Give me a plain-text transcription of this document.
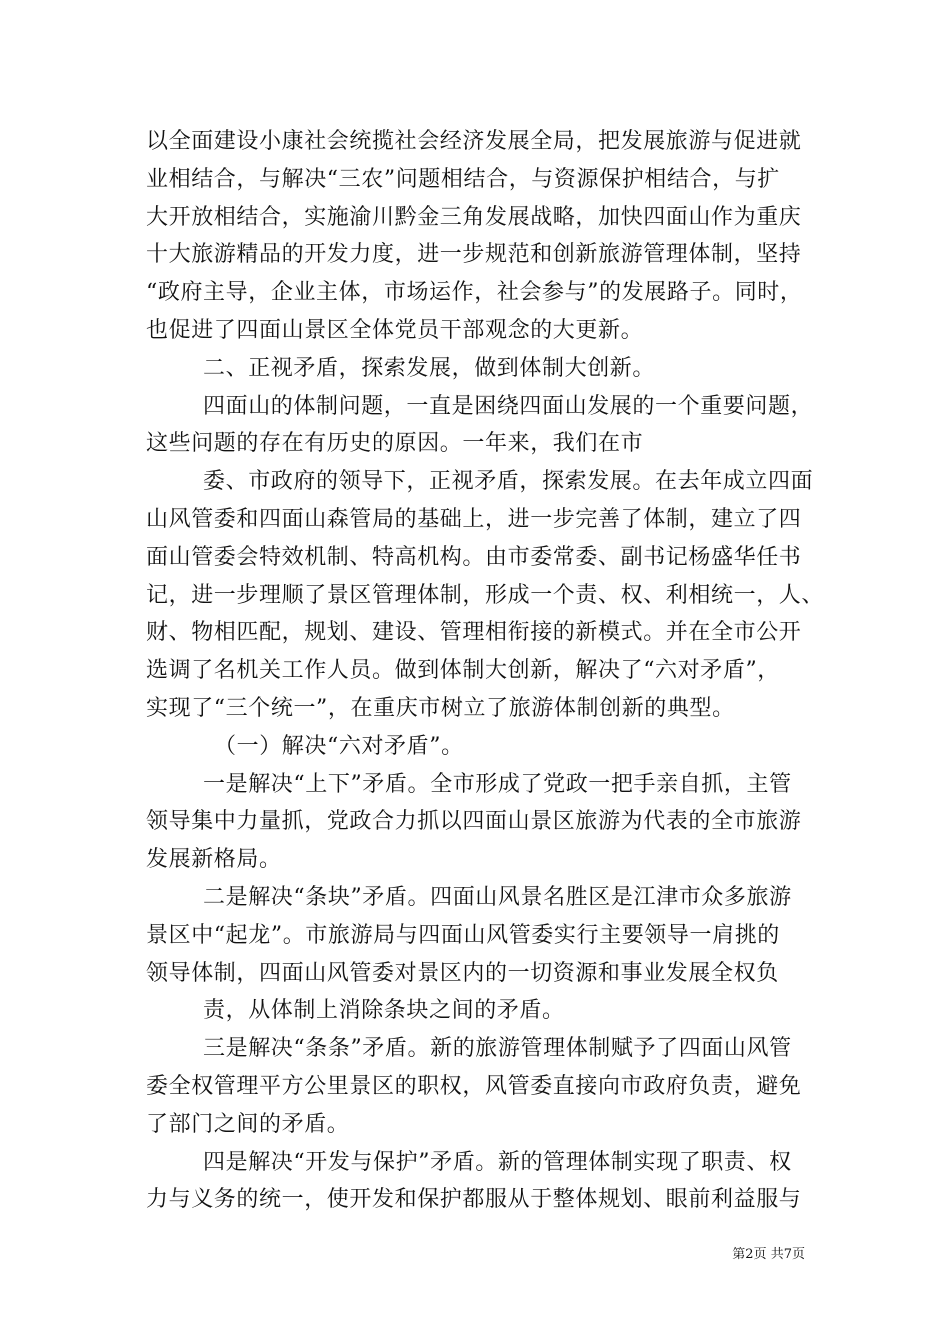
以全面建设小康社会统揽社会经济发展全局，把发展旅游与促进就
业相结合，与解决“三农”问题相结合，与资源保护相结合，与扩
大开放相结合，实施渝川黔金三角发展战略，加快四面山作为重庆
十大旅游精品的开发力度，进一步规范和创新旅游管理体制，坚持
“政府主导，企业主体，市场运作，社会参与”的发展路子。同时，
也促进了四面山景区全体党员干部观念的大更新。
二、正视矛盾，探索发展，做到体制大创新。
四面山的体制问题，一直是困绕四面山发展的一个重要问题，
这些问题的存在有历史的原因。一年来，我们在市
委、市政府的领导下，正视矛盾，探索发展。在去年成立四面
山风管委和四面山森管局的基础上，进一步完善了体制，建立了四
面山管委会特效机制、特高机构。由市委常委、副书记杨盛华任书
记，进一步理顺了景区管理体制，形成一个责、权、利相统一，人、
财、物相匹配，规划、建设、管理相衔接的新模式。并在全市公开
选调了名机关工作人员。做到体制大创新，解决了“六对矛盾”，
实现了“三个统一”，在重庆市树立了旅游体制创新的典型。
（一）解决“六对矛盾”。
一是解决“上下”矛盾。全市形成了党政一把手亲自抓，主管
领导集中力量抓，党政合力抓以四面山景区旅游为代表的全市旅游
发展新格局。
二是解决“条块”矛盾。四面山风景名胜区是江津市众多旅游
景区中“起龙”。市旅游局与四面山风管委实行主要领导一肩挑的
领导体制，四面山风管委对景区内的一切资源和事业发展全权负
责，从体制上消除条块之间的矛盾。
三是解决“条条”矛盾。新的旅游管理体制赋予了四面山风管
委全权管理平方公里景区的职权，风管委直接向市政府负责，避免
了部门之间的矛盾。
四是解决“开发与保护”矛盾。新的管理体制实现了职责、权
力与义务的统一，使开发和保护都服从于整体规划、眼前利益服与
第2页 共7页
